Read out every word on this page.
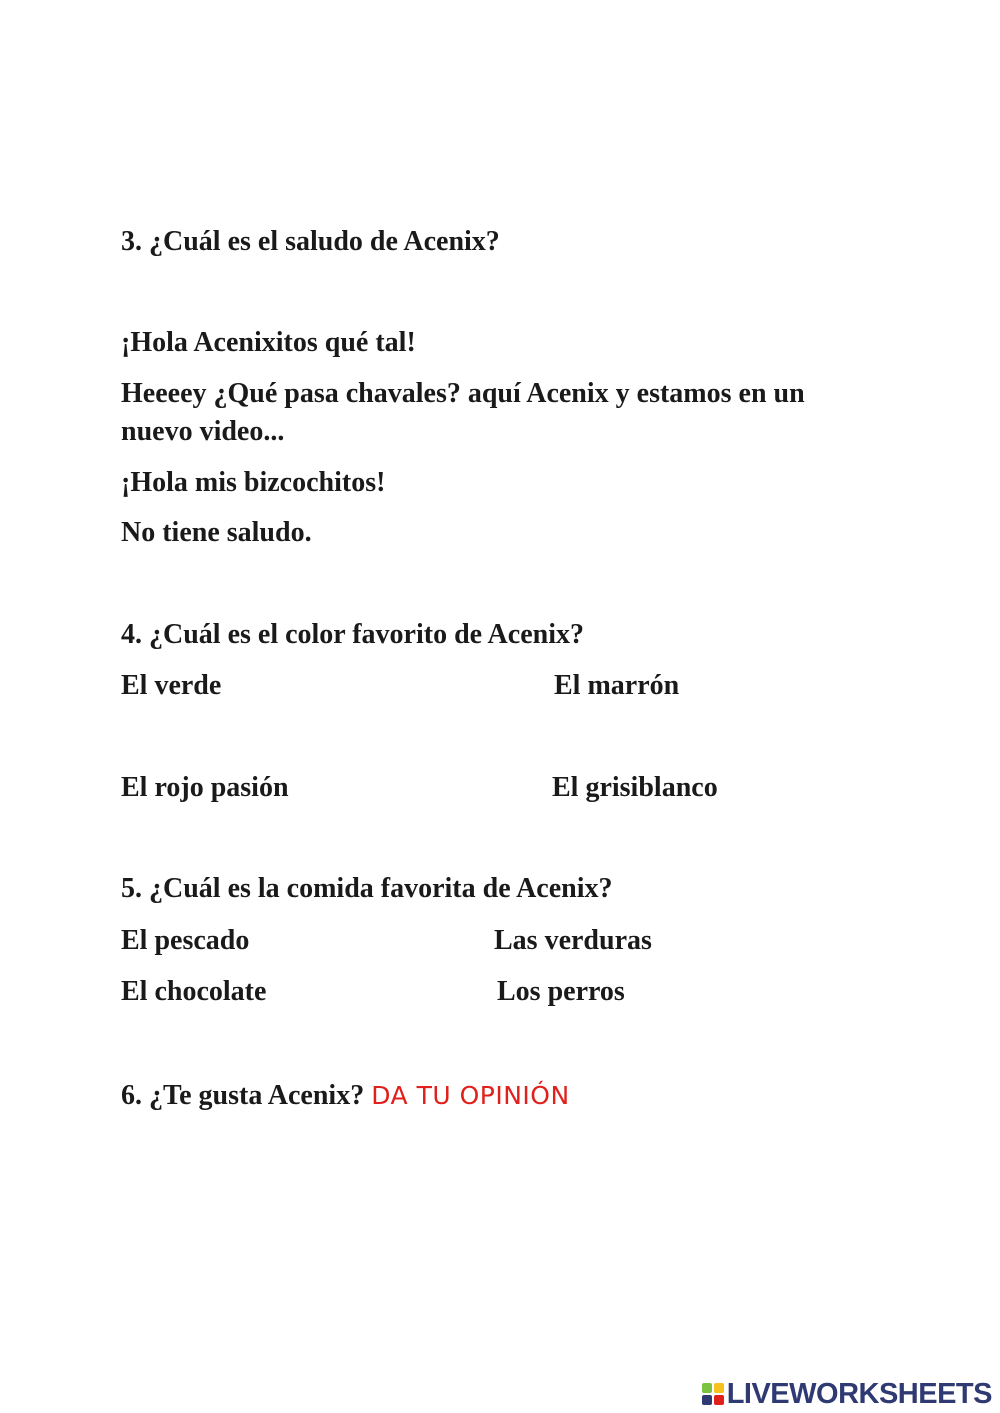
3. ¿Cuál es el saludo de Acenix?
¡Hola Acenixitos qué tal!
Heeeey ¿Qué pasa chavales? aquí Acenix y estamos en un nuevo video...
¡Hola mis bizcochitos!
No tiene saludo.
4. ¿Cuál es el color favorito de Acenix?
El verde	El marrón
El rojo pasión	El grisiblanco
5. ¿Cuál es la comida favorita de Acenix?
El pescado	Las verduras
El chocolate	Los perros
6. ¿Te gusta Acenix? DA TU OPINIÓN
LIVEWORKSHEETS
